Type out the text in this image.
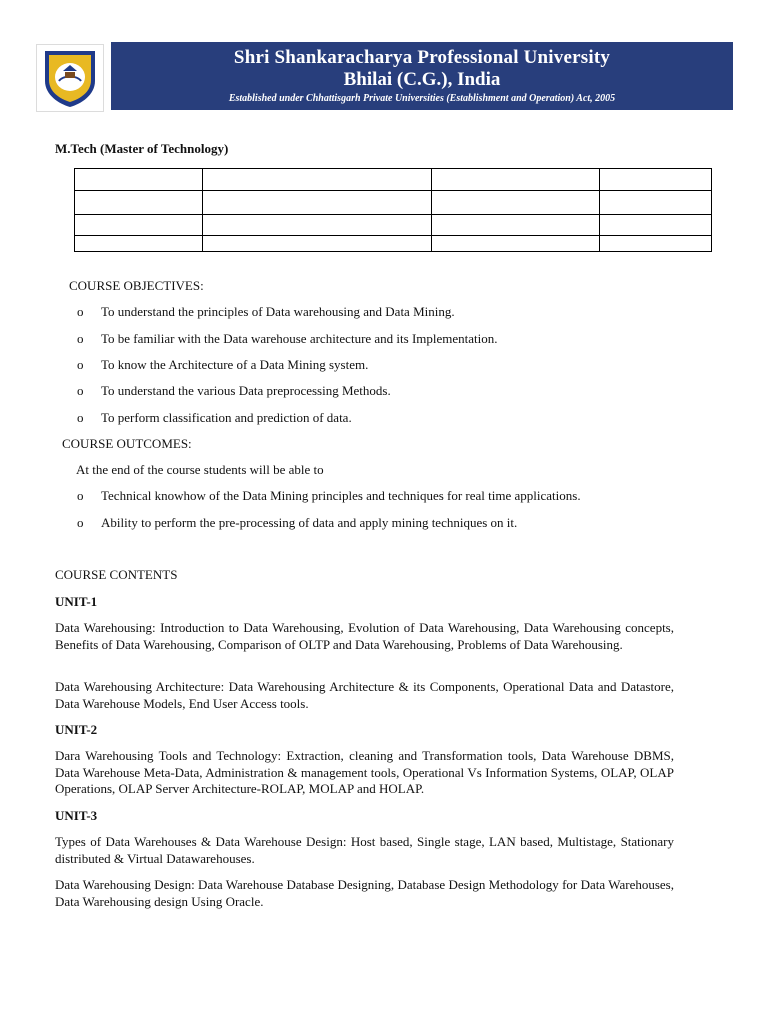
Shri Shankaracharya Professional University
Bhilai (C.G.), India
Established under Chhattisgarh Private Universities (Establishment and Operation) Act, 2005
M.Tech (Master of Technology)

COURSE OBJECTIVES:
o	To understand the principles of Data warehousing and Data Mining.
o	To be familiar with the Data warehouse architecture and its Implementation.
o	To know the Architecture of a Data Mining system.
o	To understand the various Data preprocessing Methods.
o	To perform classification and prediction of data.
COURSE OUTCOMES:
At the end of the course students will be able to
o	Technical knowhow of the Data Mining principles and techniques for real time applications.
o	Ability to perform the pre-processing of data and apply mining techniques on it.
COURSE CONTENTS
UNIT-1
Data Warehousing: Introduction to Data Warehousing, Evolution of Data Warehousing, Data Warehousing concepts, Benefits of Data Warehousing, Comparison of OLTP and Data Warehousing, Problems of Data Warehousing.
Data Warehousing Architecture: Data Warehousing Architecture & its Components, Operational Data and Datastore, Data Warehouse Models, End User Access tools.
UNIT-2
Dara Warehousing Tools and Technology: Extraction, cleaning and Transformation tools, Data Warehouse DBMS, Data Warehouse Meta-Data, Administration & management tools, Operational Vs Information Systems, OLAP, OLAP Operations, OLAP Server Architecture-ROLAP, MOLAP and HOLAP.
UNIT-3
Types of Data Warehouses & Data Warehouse Design: Host based, Single stage, LAN based, Multistage, Stationary distributed & Virtual Datawarehouses.
Data Warehousing Design: Data Warehouse Database Designing, Database Design Methodology for Data Warehouses, Data Warehousing design Using Oracle.
